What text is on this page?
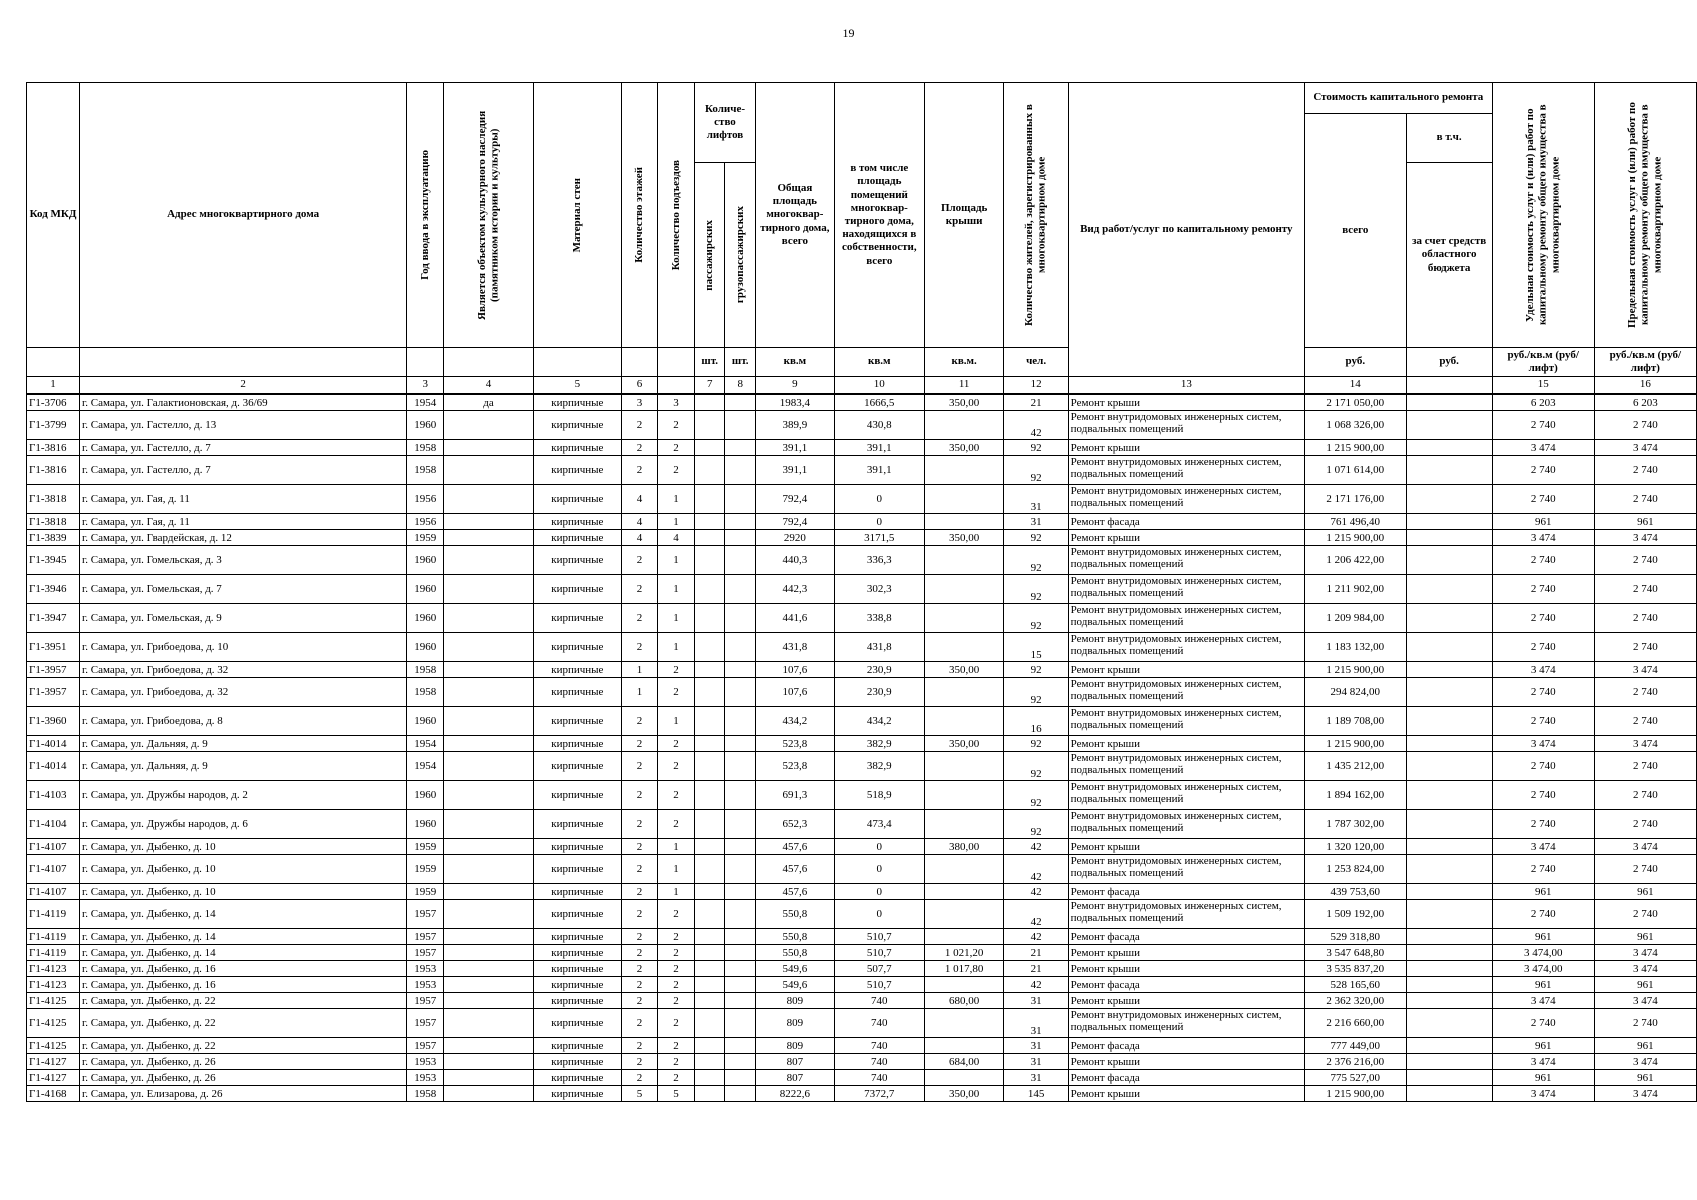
19
Код МКД	Адрес многоквартирного дома	Год ввода в эксплуатацию	Является объектом культурного наследия (памятником истории и культуры)	Материал стен	Количество этажей	Количество подъездов	Количе-ство лифтов		Общая площадь многоквар-тирного дома, всего	в том числе площадь помещений многоквар-тирного дома, находящихся в собственности, всего	Площадь крыши	Количество жителей, зарегистрированных в многоквартирном доме	Вид работ/услуг по капитальному ремонту	Стоимость капитального ремонта		Удельная стоимость услуг и (или) работ по капитальному ремонту общего имущества в многоквартирном доме	Предельная стоимость услуг и (или) работ по капитальному ремонту общего имущества в многоквартирном доме

														всего	в т.ч.		

							пассажирских	грузопассажирских							за счет средств областного бюджета		
							шт.	шт.	кв.м	кв.м	кв.м.	чел.		руб.	руб.	руб./кв.м (руб/лифт)	руб./кв.м (руб/лифт)
1	2	3	4	5	6		7	8	9	10	11	12	13	14		15	16
Г1-3706	г. Самара, ул. Галактионовская, д. 36/69	1954	да	кирпичные	3	3			1983,4	1666,5	350,00	21	Ремонт крыши	2 171 050,00		6 203	6 203
Г1-3799	г. Самара, ул. Гастелло, д. 13	1960		кирпичные	2	2			389,9	430,8		42	Ремонт внутридомовых инженерных систем, подвальных помещений	1 068 326,00		2 740	2 740
Г1-3816	г. Самара, ул. Гастелло, д. 7	1958		кирпичные	2	2			391,1	391,1	350,00	92	Ремонт крыши	1 215 900,00		3 474	3 474
Г1-3816	г. Самара, ул. Гастелло, д. 7	1958		кирпичные	2	2			391,1	391,1		92	Ремонт внутридомовых инженерных систем, подвальных помещений	1 071 614,00		2 740	2 740
Г1-3818	г. Самара, ул. Гая, д. 11	1956		кирпичные	4	1			792,4	0		31	Ремонт внутридомовых инженерных систем, подвальных помещений	2 171 176,00		2 740	2 740
Г1-3818	г. Самара, ул. Гая, д. 11	1956		кирпичные	4	1			792,4	0		31	Ремонт фасада	761 496,40		961	961
Г1-3839	г. Самара, ул. Гвардейская, д. 12	1959		кирпичные	4	4			2920	3171,5	350,00	92	Ремонт крыши	1 215 900,00		3 474	3 474
Г1-3945	г. Самара, ул. Гомельская, д. 3	1960		кирпичные	2	1			440,3	336,3		92	Ремонт внутридомовых инженерных систем, подвальных помещений	1 206 422,00		2 740	2 740
Г1-3946	г. Самара, ул. Гомельская, д. 7	1960		кирпичные	2	1			442,3	302,3		92	Ремонт внутридомовых инженерных систем, подвальных помещений	1 211 902,00		2 740	2 740
Г1-3947	г. Самара, ул. Гомельская, д. 9	1960		кирпичные	2	1			441,6	338,8		92	Ремонт внутридомовых инженерных систем, подвальных помещений	1 209 984,00		2 740	2 740
Г1-3951	г. Самара, ул. Грибоедова, д. 10	1960		кирпичные	2	1			431,8	431,8		15	Ремонт внутридомовых инженерных систем, подвальных помещений	1 183 132,00		2 740	2 740
Г1-3957	г. Самара, ул. Грибоедова, д. 32	1958		кирпичные	1	2			107,6	230,9	350,00	92	Ремонт крыши	1 215 900,00		3 474	3 474
Г1-3957	г. Самара, ул. Грибоедова, д. 32	1958		кирпичные	1	2			107,6	230,9		92	Ремонт внутридомовых инженерных систем, подвальных помещений	294 824,00		2 740	2 740
Г1-3960	г. Самара, ул. Грибоедова, д. 8	1960		кирпичные	2	1			434,2	434,2		16	Ремонт внутридомовых инженерных систем, подвальных помещений	1 189 708,00		2 740	2 740
Г1-4014	г. Самара, ул. Дальняя, д. 9	1954		кирпичные	2	2			523,8	382,9	350,00	92	Ремонт крыши	1 215 900,00		3 474	3 474
Г1-4014	г. Самара, ул. Дальняя, д. 9	1954		кирпичные	2	2			523,8	382,9		92	Ремонт внутридомовых инженерных систем, подвальных помещений	1 435 212,00		2 740	2 740
Г1-4103	г. Самара, ул. Дружбы народов, д. 2	1960		кирпичные	2	2			691,3	518,9		92	Ремонт внутридомовых инженерных систем, подвальных помещений	1 894 162,00		2 740	2 740
Г1-4104	г. Самара, ул. Дружбы народов, д. 6	1960		кирпичные	2	2			652,3	473,4		92	Ремонт внутридомовых инженерных систем, подвальных помещений	1 787 302,00		2 740	2 740
Г1-4107	г. Самара, ул. Дыбенко, д. 10	1959		кирпичные	2	1			457,6	0	380,00	42	Ремонт крыши	1 320 120,00		3 474	3 474
Г1-4107	г. Самара, ул. Дыбенко, д. 10	1959		кирпичные	2	1			457,6	0		42	Ремонт внутридомовых инженерных систем, подвальных помещений	1 253 824,00		2 740	2 740
Г1-4107	г. Самара, ул. Дыбенко, д. 10	1959		кирпичные	2	1			457,6	0		42	Ремонт фасада	439 753,60		961	961
Г1-4119	г. Самара, ул. Дыбенко, д. 14	1957		кирпичные	2	2			550,8	0		42	Ремонт внутридомовых инженерных систем, подвальных помещений	1 509 192,00		2 740	2 740
Г1-4119	г. Самара, ул. Дыбенко, д. 14	1957		кирпичные	2	2			550,8	510,7		42	Ремонт фасада	529 318,80		961	961
Г1-4119	г. Самара, ул. Дыбенко, д. 14	1957		кирпичные	2	2			550,8	510,7	1 021,20	21	Ремонт крыши	3 547 648,80		3 474,00	3 474
Г1-4123	г. Самара, ул. Дыбенко, д. 16	1953		кирпичные	2	2			549,6	507,7	1 017,80	21	Ремонт крыши	3 535 837,20		3 474,00	3 474
Г1-4123	г. Самара, ул. Дыбенко, д. 16	1953		кирпичные	2	2			549,6	510,7		42	Ремонт фасада	528 165,60		961	961
Г1-4125	г. Самара, ул. Дыбенко, д. 22	1957		кирпичные	2	2			809	740	680,00	31	Ремонт крыши	2 362 320,00		3 474	3 474
Г1-4125	г. Самара, ул. Дыбенко, д. 22	1957		кирпичные	2	2			809	740		31	Ремонт внутридомовых инженерных систем, подвальных помещений	2 216 660,00		2 740	2 740
Г1-4125	г. Самара, ул. Дыбенко, д. 22	1957		кирпичные	2	2			809	740		31	Ремонт фасада	777 449,00		961	961
Г1-4127	г. Самара, ул. Дыбенко, д. 26	1953		кирпичные	2	2			807	740	684,00	31	Ремонт крыши	2 376 216,00		3 474	3 474
Г1-4127	г. Самара, ул. Дыбенко, д. 26	1953		кирпичные	2	2			807	740		31	Ремонт фасада	775 527,00		961	961
Г1-4168	г. Самара, ул. Елизарова, д. 26	1958		кирпичные	5	5			8222,6	7372,7	350,00	145	Ремонт крыши	1 215 900,00		3 474	3 474
